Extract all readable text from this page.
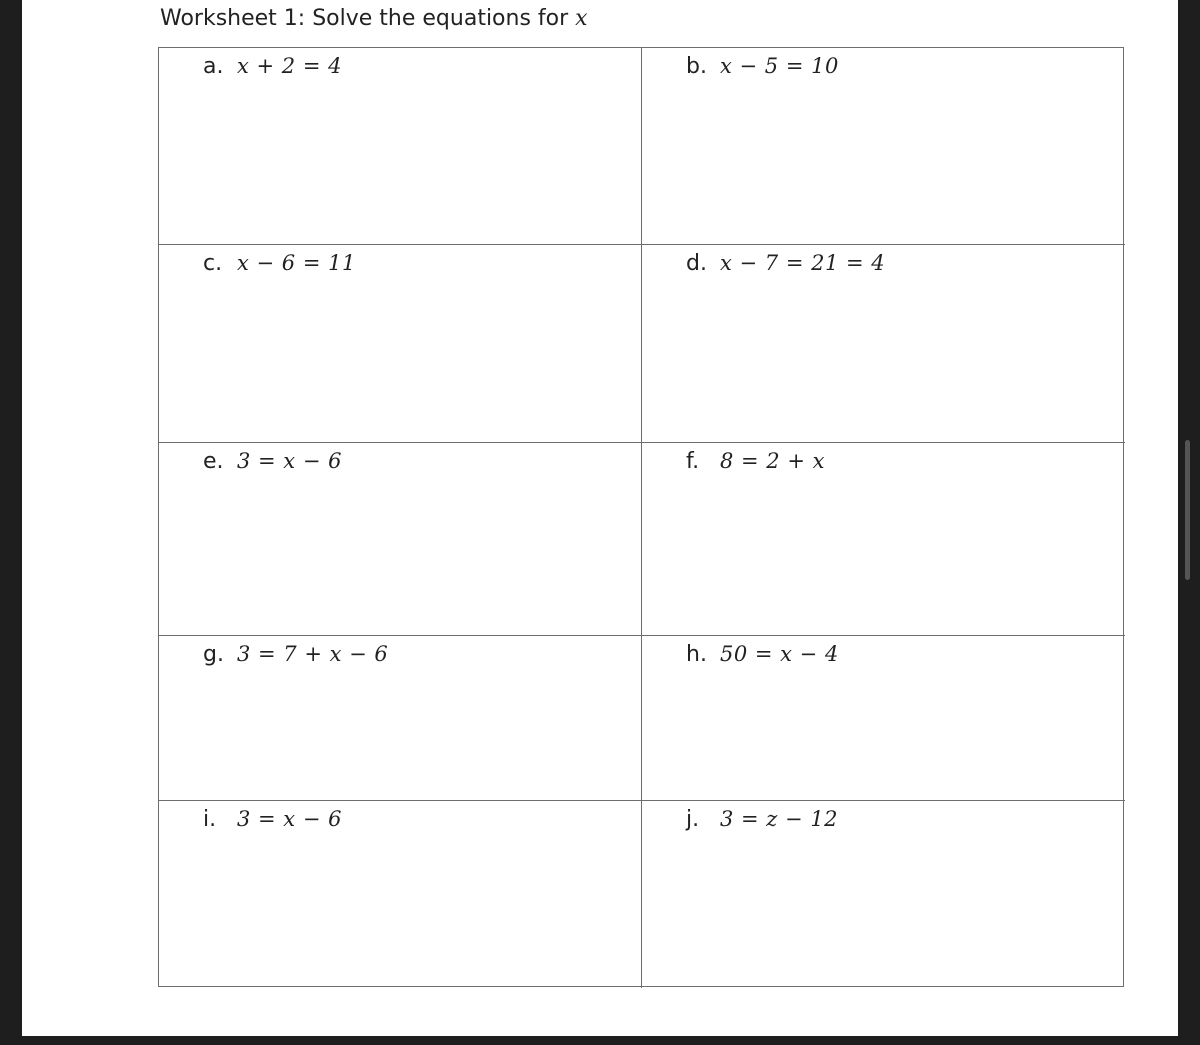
Worksheet 1: Solve the equations for x
a. x + 2 = 4	b. x − 5 = 10
c. x − 6 = 11	d. x − 7 = 21 = 4
e. 3 = x − 6	f. 8 = 2 + x
g. 3 = 7 + x − 6	h. 50 = x − 4
i. 3 = x − 6	j. 3 = z − 12
